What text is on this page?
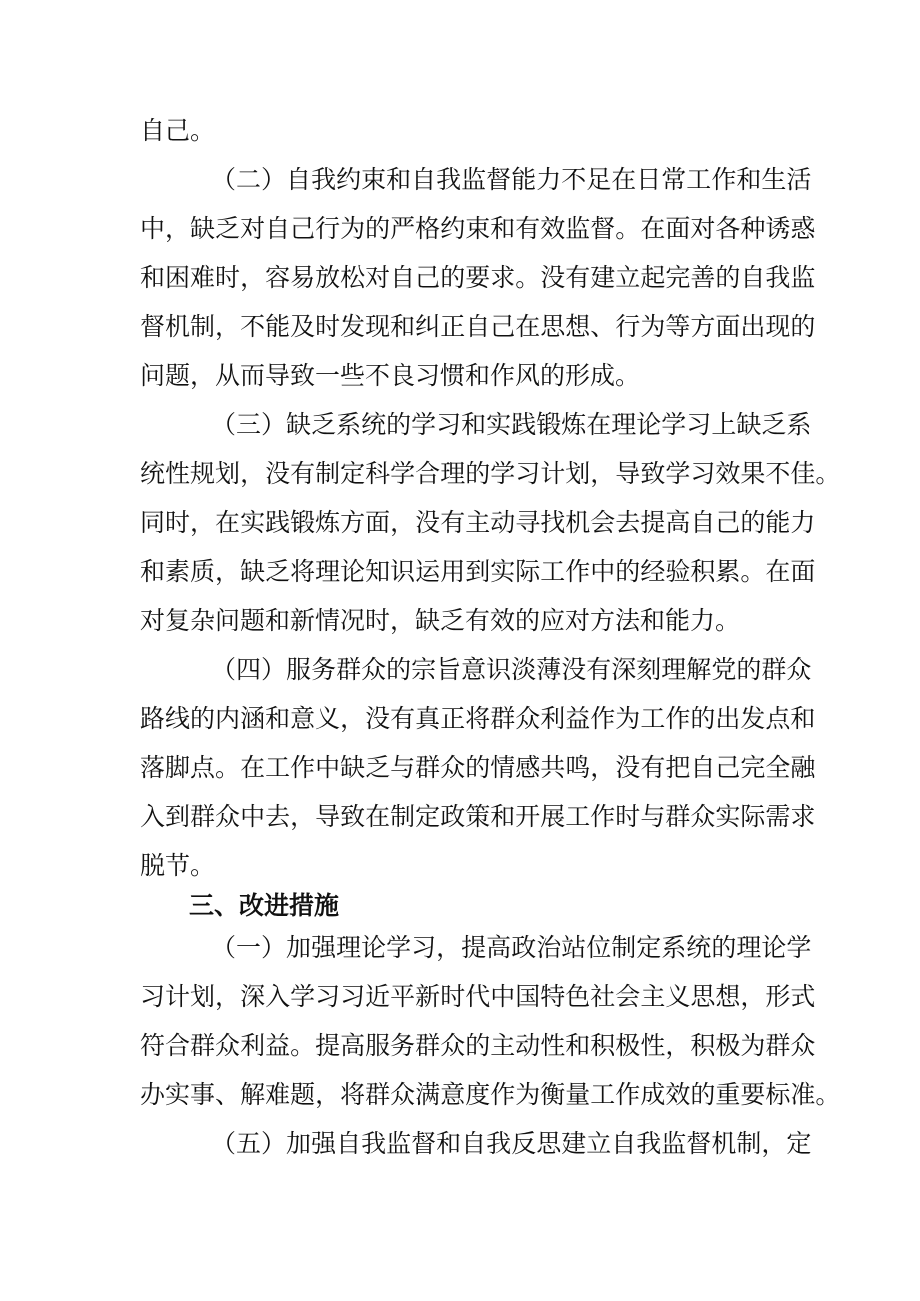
自己。
（ 二 ） 自 我 约 束 和 自 我 监 督 能 力 不 足 在 日 常 工 作 和 生 活
中 ， 缺 乏 对 自 己 行 为 的 严 格 约 束 和 有 效 监 督 。 在 面 对 各 种 诱 惑
和 困 难 时 ， 容 易 放 松 对 自 己 的 要 求 。 没 有 建 立 起 完 善 的 自 我 监
督 机 制 ， 不 能 及 时 发 现 和 纠 正 自 己 在 思 想 、 行 为 等 方 面 出 现 的
问题，从而导致一些不良习惯和作风的形成。
（ 三 ） 缺 乏 系 统 的 学 习 和 实 践 锻 炼 在 理 论 学 习 上 缺 乏 系
统 性 规 划 ， 没 有 制 定 科 学 合 理 的 学 习 计 划 ， 导 致 学 习 效 果 不 佳 。
同 时 ， 在 实 践 锻 炼 方 面 ， 没 有 主 动 寻 找 机 会 去 提 高 自 己 的 能 力
和 素 质 ， 缺 乏 将 理 论 知 识 运 用 到 实 际 工 作 中 的 经 验 积 累 。 在 面
对复杂问题和新情况时，缺乏有效的应对方法和能力。
（ 四 ） 服 务 群 众 的 宗 旨 意 识 淡 薄 没 有 深 刻 理 解 党 的 群 众
路 线 的 内 涵 和 意 义 ， 没 有 真 正 将 群 众 利 益 作 为 工 作 的 出 发 点 和
落 脚 点 。 在 工 作 中 缺 乏 与 群 众 的 情 感 共 鸣 ， 没 有 把 自 己 完 全 融
入 到 群 众 中 去 ， 导 致 在 制 定 政 策 和 开 展 工 作 时 与 群 众 实 际 需 求
脱节。
三、改进措施
（ 一 ） 加 强 理 论 学 习 ， 提 高 政 治 站 位 制 定 系 统 的 理 论 学
习 计 划 ， 深 入 学 习 习 近 平 新 时 代 中 国 特 色 社 会 主 义 思 想 ， 形 式
符 合 群 众 利 益 。 提 高 服 务 群 众 的 主 动 性 和 积 极 性 ， 积 极 为 群 众
办 实 事 、 解 难 题 ， 将 群 众 满 意 度 作 为 衡 量 工 作 成 效 的 重 要 标 准 。
（ 五 ） 加 强 自 我 监 督 和 自 我 反 思 建 立 自 我 监 督 机 制 ， 定
